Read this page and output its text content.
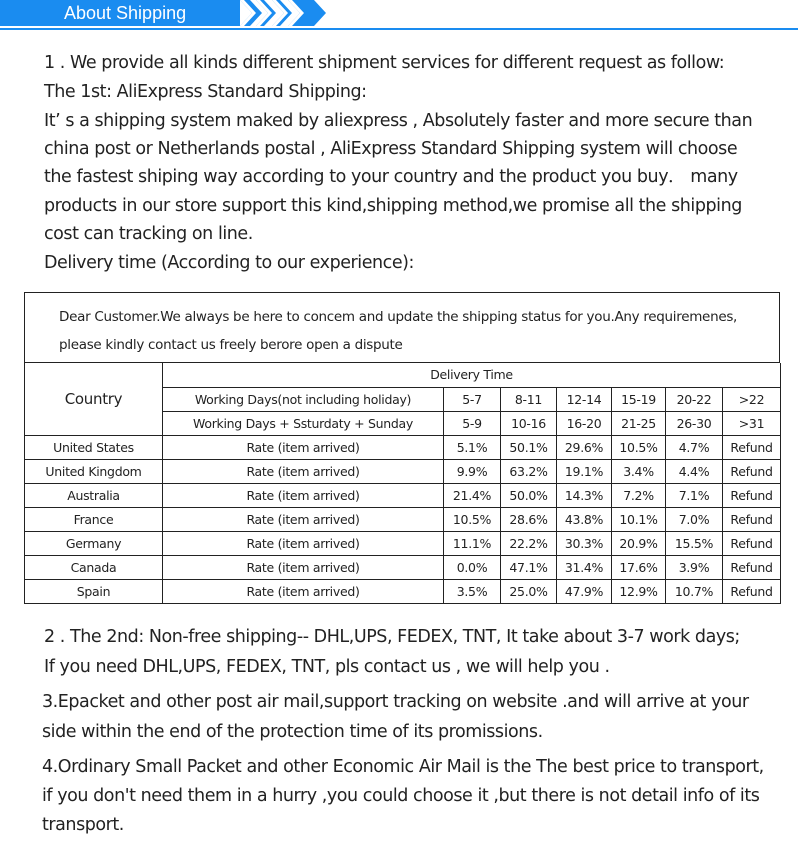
About Shipping
1 . We provide all kinds different shipment services for different request as follow:
The 1st: AliExpress Standard Shipping:
It’ s a shipping system maked by aliexpress , Absolutely faster and more secure than
china post or Netherlands postal , AliExpress Standard Shipping system will choose
the fastest shiping way according to your country and the product you buy． many
products in our store support this kind,shipping method,we promise all the shipping
cost can tracking on line.
Delivery time (According to our experience):
Dear Customer.We always be here to concem and update the shipping status for you.Any requiremenes,
please kindly contact us freely berore open a dispute
Country	Delivery Time						
	Working Days(not including holiday)	5-7	8-11	12-14	15-19	20-22	>22
	Working Days + Ssturdaty + Sunday	5-9	10-16	16-20	21-25	26-30	>31
United States	Rate (item arrived)	5.1%	50.1%	29.6%	10.5%	4.7%	Refund
United Kingdom	Rate (item arrived)	9.9%	63.2%	19.1%	3.4%	4.4%	Refund
Australia	Rate (item arrived)	21.4%	50.0%	14.3%	7.2%	7.1%	Refund
France	Rate (item arrived)	10.5%	28.6%	43.8%	10.1%	7.0%	Refund
Germany	Rate (item arrived)	11.1%	22.2%	30.3%	20.9%	15.5%	Refund
Canada	Rate (item arrived)	0.0%	47.1%	31.4%	17.6%	3.9%	Refund
Spain	Rate (item arrived)	3.5%	25.0%	47.9%	12.9%	10.7%	Refund
2 . The 2nd: Non-free shipping-- DHL,UPS, FEDEX, TNT, It take about 3-7 work days;
If you need DHL,UPS, FEDEX, TNT, pls contact us , we will help you .
3.Epacket and other post air mail,support tracking on website .and will arrive at your
side within the end of the protection time of its promissions.
4.Ordinary Small Packet and other Economic Air Mail is the The best price to transport,
if you don't need them in a hurry ,you could choose it ,but there is not detail info of its
transport.
